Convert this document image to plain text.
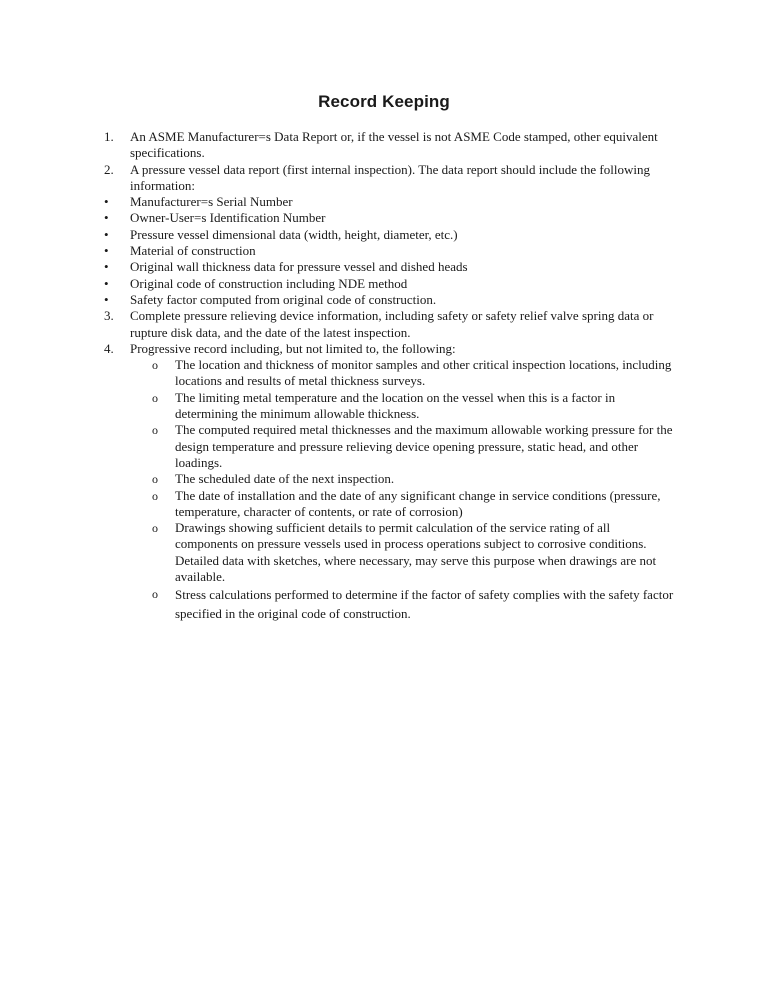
Record Keeping
1. An ASME Manufacturer=s Data Report or, if the vessel is not ASME Code stamped, other equivalent specifications.
2. A pressure vessel data report (first internal inspection). The data report should include the following information:
• Manufacturer=s Serial Number
• Owner-User=s Identification Number
• Pressure vessel dimensional data (width, height, diameter, etc.)
• Material of construction
• Original wall thickness data for pressure vessel and dished heads
• Original code of construction including NDE method
• Safety factor computed from original code of construction.
3. Complete pressure relieving device information, including safety or safety relief valve spring data or rupture disk data, and the date of the latest inspection.
4. Progressive record including, but not limited to, the following:
o The location and thickness of monitor samples and other critical inspection locations, including locations and results of metal thickness surveys.
o The limiting metal temperature and the location on the vessel when this is a factor in determining the minimum allowable thickness.
o The computed required metal thicknesses and the maximum allowable working pressure for the design temperature and pressure relieving device opening pressure, static head, and other loadings.
o The scheduled date of the next inspection.
o The date of installation and the date of any significant change in service conditions (pressure, temperature, character of contents, or rate of corrosion)
o Drawings showing sufficient details to permit calculation of the service rating of all components on pressure vessels used in process operations subject to corrosive conditions. Detailed data with sketches, where necessary, may serve this purpose when drawings are not available.
o Stress calculations performed to determine if the factor of safety complies with the safety factor specified in the original code of construction.
